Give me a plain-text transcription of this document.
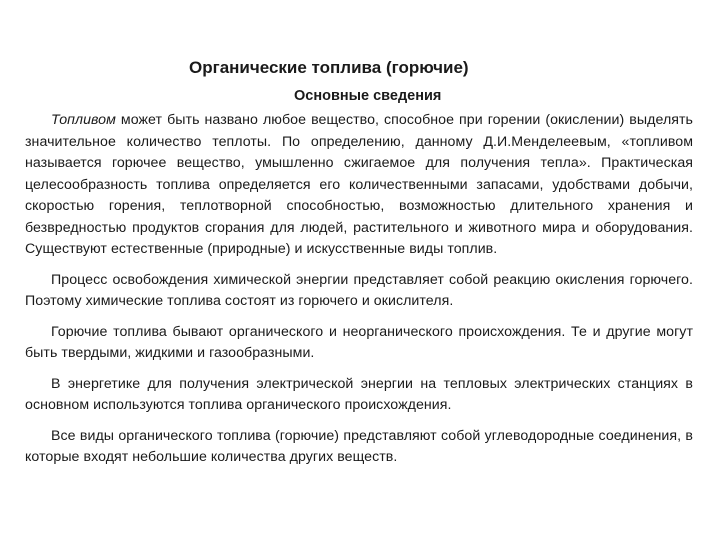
Органические топлива (горючие)
Основные сведения

Топливом может быть названо любое вещество, способное при горении (окислении) выделять значительное количество теплоты. По определению, данному Д.И.Менделеевым, «топливом называется горючее вещество, умышленно сжигаемое для получения тепла». Практическая целесообразность топлива определяется его количественными запасами, удобствами добычи, скоростью горения, теплотворной способностью, возможностью длительного хранения и безвредностью продуктов сгорания для людей, растительного и животного мира и оборудования. Существуют естественные (природные) и искусственные виды топлив.

Процесс освобождения химической энергии представляет собой реакцию окисления горючего. Поэтому химические топлива состоят из горючего и окислителя.

Горючие топлива бывают органического и неорганического происхождения. Те и другие могут быть твердыми, жидкими и газообразными.

В энергетике для получения электрической энергии на тепловых электрических станциях в основном используются топлива органического происхождения.

Все виды органического топлива (горючие) представляют собой углеводородные соединения, в которые входят небольшие количества других веществ.
